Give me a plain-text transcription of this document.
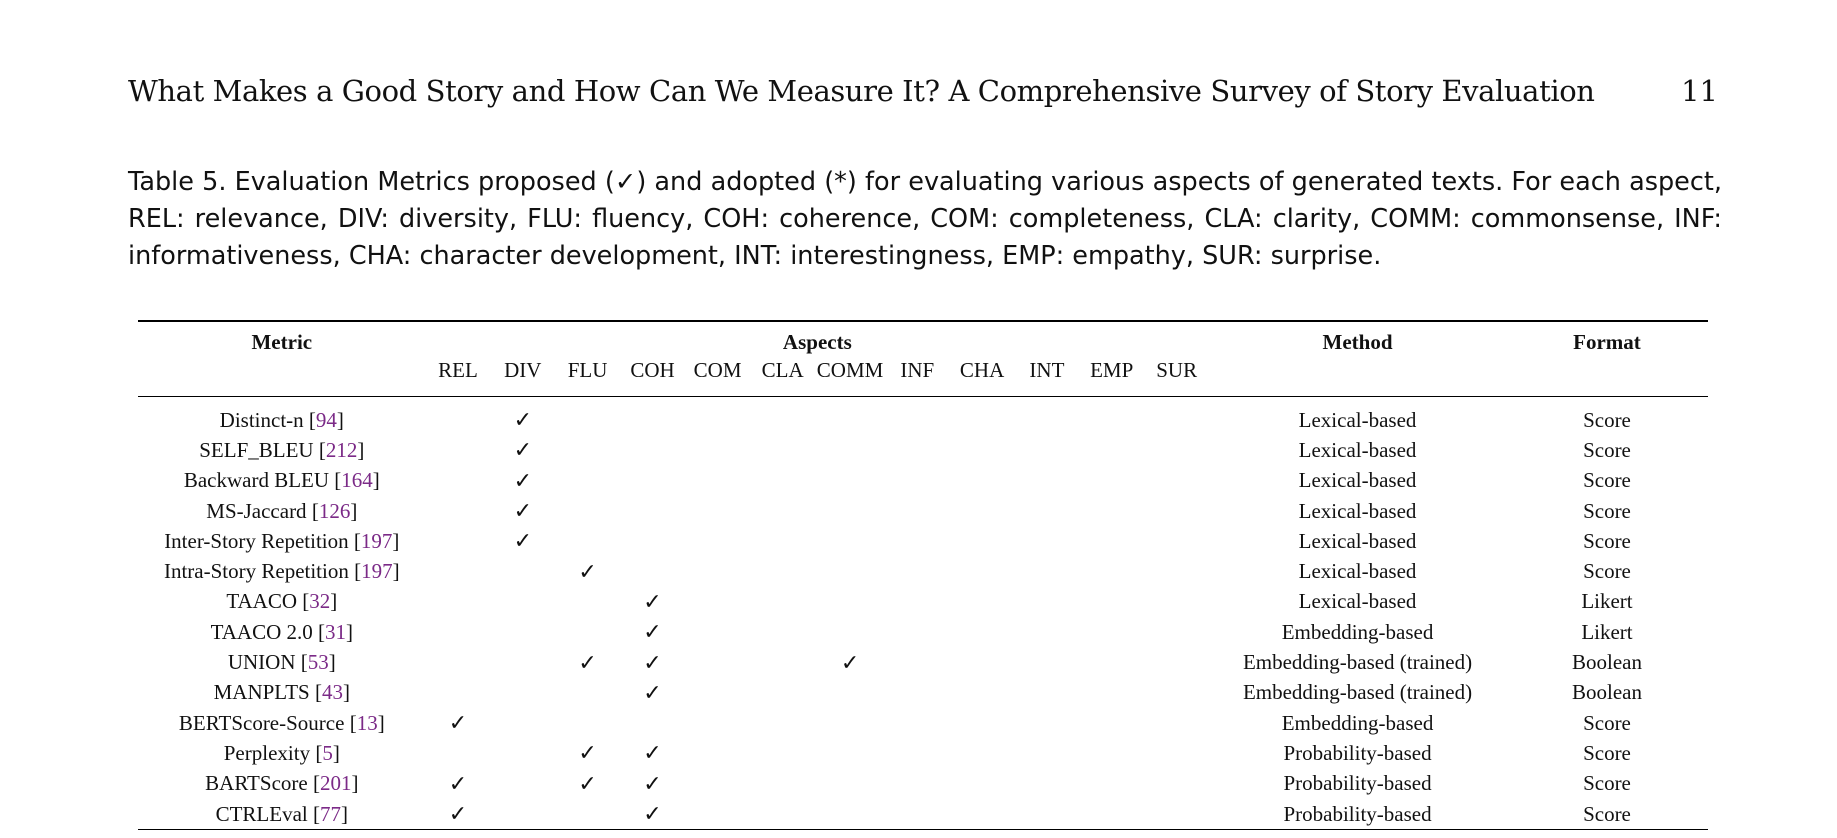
What Makes a Good Story and How Can We Measure It? A Comprehensive Survey of Story Evaluation	11
Table 5. Evaluation Metrics proposed (✓) and adopted (*) for evaluating various aspects of generated texts. For each aspect, REL: relevance, DIV: diversity, FLU: fluency, COH: coherence, COM: completeness, CLA: clarity, COMM: commonsense, INF: informativeness, CHA: character development, INT: interestingness, EMP: empathy, SUR: surprise.
Metric	Aspects												Method	Format
	REL	DIV	FLU	COH	COM	CLA	COMM	INF	CHA	INT	EMP	SUR		

Distinct-n [94]		✓											Lexical-based	Score
SELF_BLEU [212]		✓											Lexical-based	Score
Backward BLEU [164]		✓											Lexical-based	Score
MS-Jaccard [126]		✓											Lexical-based	Score
Inter-Story Repetition [197]		✓											Lexical-based	Score
Intra-Story Repetition [197]			✓										Lexical-based	Score
TAACO [32]				✓									Lexical-based	Likert
TAACO 2.0 [31]				✓									Embedding-based	Likert
UNION [53]			✓	✓			✓						Embedding-based (trained)	Boolean
MANPLTS [43]				✓									Embedding-based (trained)	Boolean
BERTScore-Source [13]	✓												Embedding-based	Score
Perplexity [5]			✓	✓									Probability-based	Score
BARTScore [201]	✓		✓	✓									Probability-based	Score
CTRLEval [77]	✓			✓									Probability-based	Score
